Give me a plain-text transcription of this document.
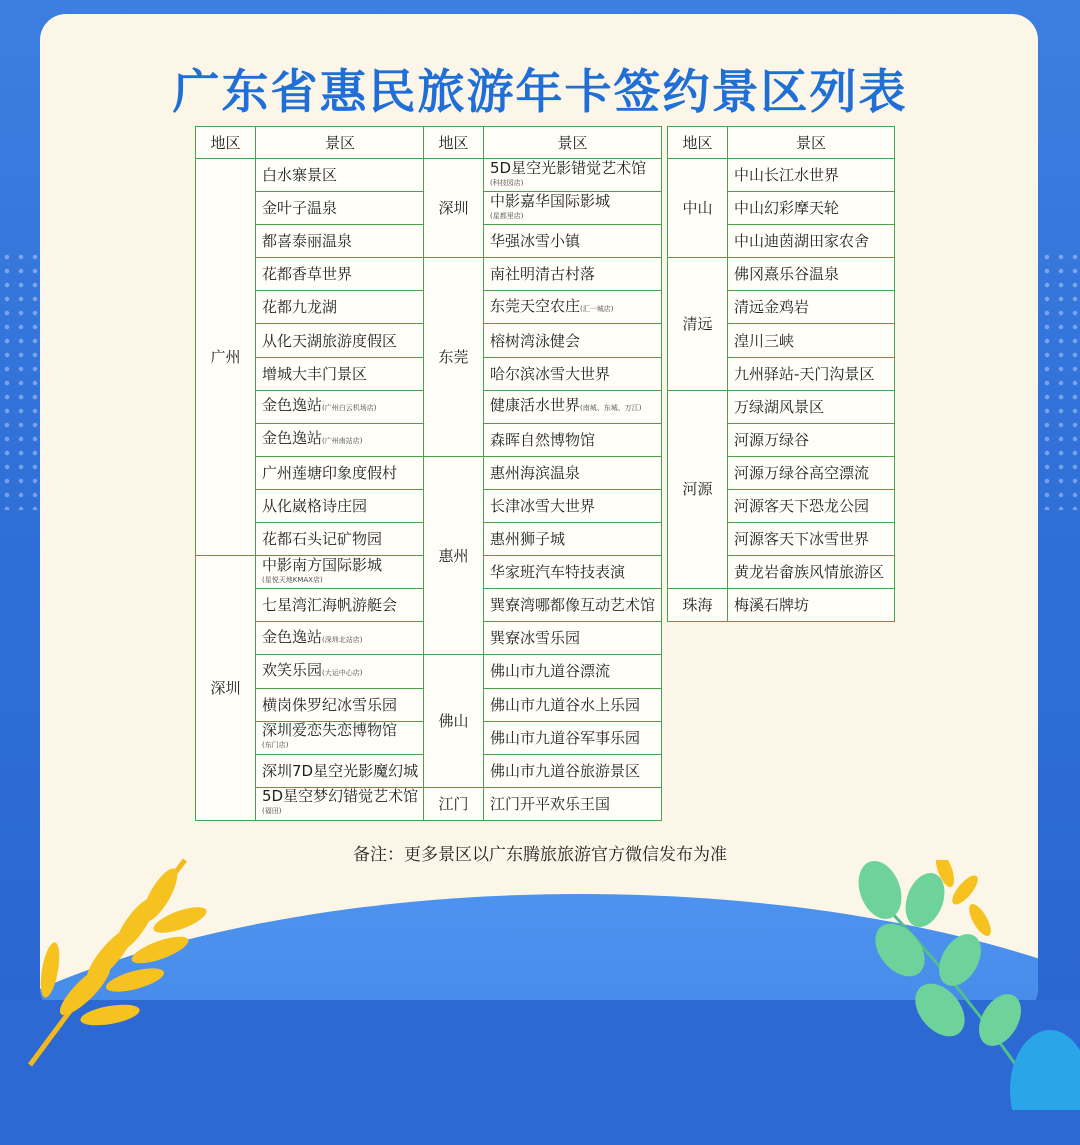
广东省惠民旅游年卡签约景区列表
地区	景区
广州	白水寨景区
	金叶子温泉
	都喜泰丽温泉
	花都香草世界
	花都九龙湖
	从化天湖旅游度假区
	增城大丰门景区
	金色逸站(广州白云机场店)
	金色逸站(广州南站店)
	广州莲塘印象度假村
	从化崴格诗庄园
	花都石头记矿物园
深圳	中影南方国际影城
(星悦天地KMAX店)

	七星湾汇海帆游艇会
	金色逸站(深圳北站店)
	欢笑乐园(大运中心店)
	横岗侏罗纪冰雪乐园
	深圳爱恋失恋博物馆
(东门店)

	深圳7D星空光影魔幻城
	5D星空梦幻错觉艺术馆
(福田)
地区	景区
深圳	5D星空光影错觉艺术馆
(科技园店)

	中影嘉华国际影城
(星都里店)

	华强冰雪小镇
东莞	南社明清古村落
	东莞天空农庄(汇一城店)
	榕树湾泳健会
	哈尔滨冰雪大世界
	健康活水世界(南城、东城、万江)
	森晖自然博物馆
惠州	惠州海滨温泉
	长津冰雪大世界
	惠州狮子城
	华家班汽车特技表演
	巽寮湾哪都像互动艺术馆
	巽寮冰雪乐园
佛山	佛山市九道谷漂流
	佛山市九道谷水上乐园
	佛山市九道谷军事乐园
	佛山市九道谷旅游景区
江门	江门开平欢乐王国
地区	景区
中山	中山长江水世界
	中山幻彩摩天轮
	中山迪茵湖田家农舍
清远	佛冈熹乐谷温泉
	清远金鸡岩
	湟川三峡
	九州驿站-天门沟景区
河源	万绿湖风景区
	河源万绿谷
	河源万绿谷高空漂流
	河源客天下恐龙公园
	河源客天下冰雪世界
	黄龙岩畲族风情旅游区
珠海	梅溪石牌坊
备注：更多景区以广东腾旅旅游官方微信发布为准
